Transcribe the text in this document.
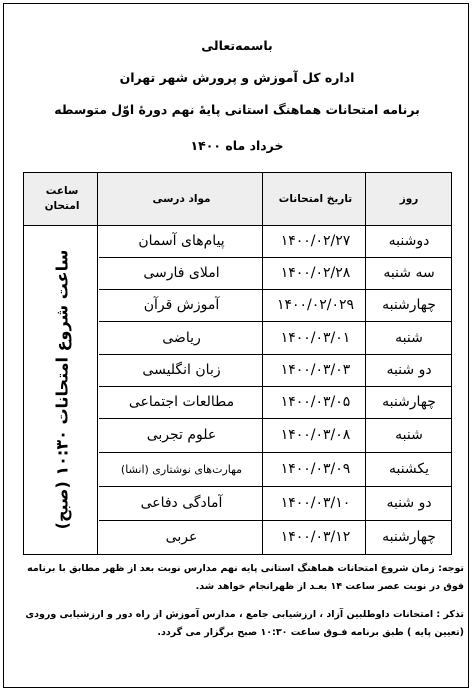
باسمه‌تعالی
اداره کل آموزش و پرورش شهر تهران
برنامه امتحانات هماهنگ استانی پایهٔ نهم دورهٔ اوّل متوسطه
خرداد ماه ۱۴۰۰
روز
تاریخ امتحانات
مواد درسی
ساعت امتحان
ساعت شروع امتحانات ۱۰:۳۰ (صبح)
دوشنبه
۱۴۰۰/۰۲/۲۷
پیام‌های آسمان
سه شنبه
۱۴۰۰/۰۲/۲۸
املای فارسی
چهارشنبه
۱۴۰۰/۰۲/۰۲۹
آموزش قرآن
شنبه
۱۴۰۰/۰۳/۰۱
ریاضی
دو شنبه
۱۴۰۰/۰۳/۰۳
زبان انگلیسی
چهارشنبه
۱۴۰۰/۰۳/۰۵
مطالعات اجتماعی
شنبه
۱۴۰۰/۰۳/۰۸
علوم تجربی
یکشنبه
۱۴۰۰/۰۳/۰۹
مهارت‌های نوشتاری (انشا)
دو شنبه
۱۴۰۰/۰۳/۱۰
آمادگی دفاعی
چهارشنبه
۱۴۰۰/۰۳/۱۲
عربی
توجه: زمان شروع امتحانات هماهنگ استانی پایه نهم مدارس نوبت بعد از ظهر مطابق با برنامه فوق در نوبت عصر ساعت ۱۴ بعـد از ظهرانجام خواهد شد.
تذکر : امتحانات داوطلبین آزاد ، ارزشیابی جامع ، مدارس آموزش از راه دور و ارزشیابی ورودی (تعیین پایه ) طبق برنامه فـوق ساعت ۱۰:۳۰ صبح برگزار می گردد.
